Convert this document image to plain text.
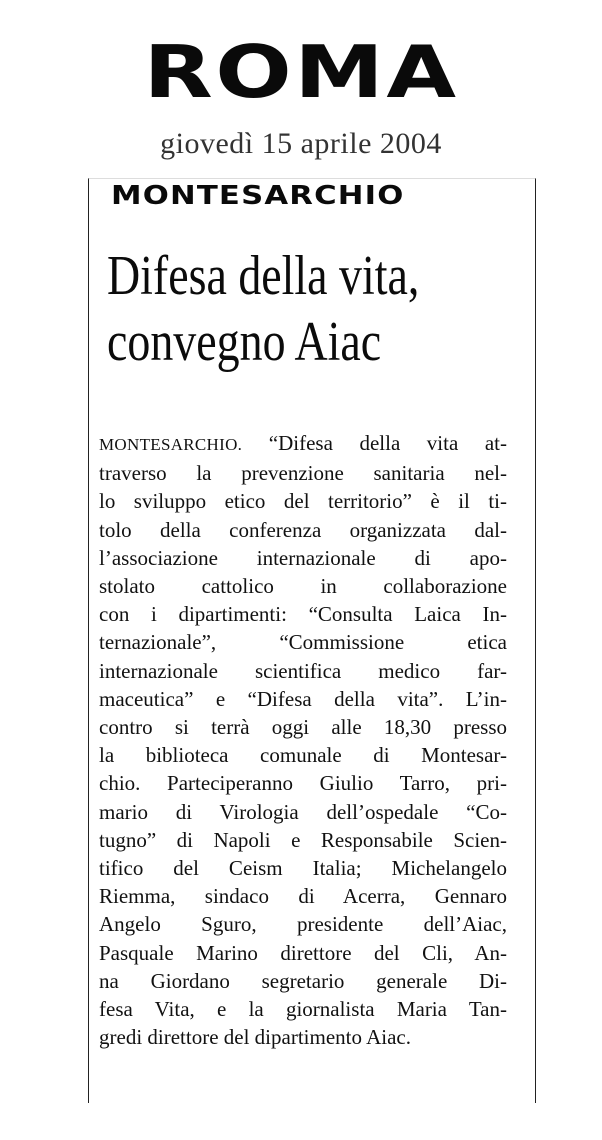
ROMA
giovedì 15 aprile 2004
MONTESARCHIO
Difesa della vita,
convegno Aiac
MONTESARCHIO. “Difesa della vita at-
traverso la prevenzione sanitaria nel-
lo sviluppo etico del territorio” è il ti-
tolo della conferenza organizzata dal-
l’associazione internazionale di apo-
stolato cattolico in collaborazione
con i dipartimenti: “Consulta Laica In-
ternazionale”, “Commissione etica
internazionale scientifica medico far-
maceutica” e “Difesa della vita”. L’in-
contro si terrà oggi alle 18,30 presso
la biblioteca comunale di Montesar-
chio. Parteciperanno Giulio Tarro, pri-
mario di Virologia dell’ospedale “Co-
tugno” di Napoli e Responsabile Scien-
tifico del Ceism Italia; Michelangelo
Riemma, sindaco di Acerra, Gennaro
Angelo Sguro, presidente dell’Aiac,
Pasquale Marino direttore del Cli, An-
na Giordano segretario generale Di-
fesa Vita, e la giornalista Maria Tan-
gredi direttore del dipartimento Aiac.
